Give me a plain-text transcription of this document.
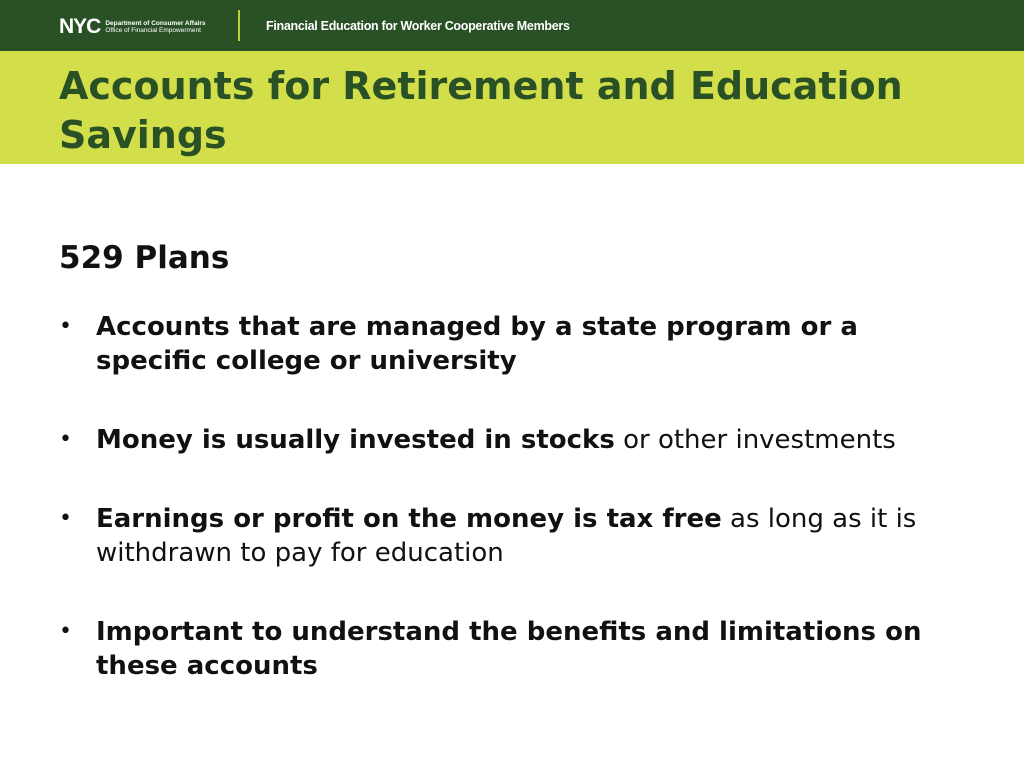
NYC Department of Consumer Affairs
Office of Financial Empowerment	Financial Education for Worker Cooperative Members
Accounts for Retirement and Education Savings
529 Plans
• Accounts that are managed by a state program or a specific college or university
• Money is usually invested in stocks or other investments
• Earnings or profit on the money is tax free as long as it is withdrawn to pay for education
• Important to understand the benefits and limitations on these accounts
